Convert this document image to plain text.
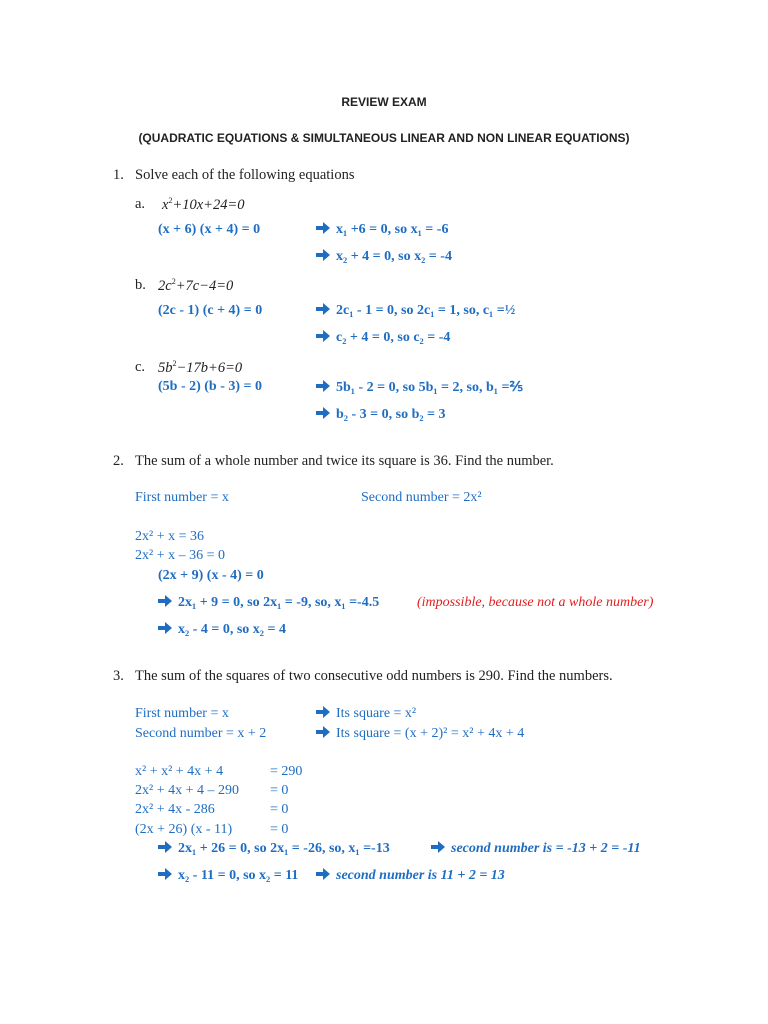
REVIEW EXAM
(QUADRATIC EQUATIONS & SIMULTANEOUS LINEAR AND NON LINEAR EQUATIONS)
1. Solve each of the following equations
a. $x^2+10x+24=0$
(x + 6) (x + 4) = 0	x₁ +6 = 0, so x₁ = -6
x₂ + 4 = 0, so x₂ = -4
b. $2c^2+7c-4=0$
(2c - 1) (c + 4) = 0	2c₁ - 1 = 0, so 2c₁ = 1, so, c₁ =½
c₂ + 4 = 0, so c₂ = -4
c. $5b^2-17b+6=0$
(5b - 2) (b - 3) = 0	5b₁ - 2 = 0, so 5b₁ = 2, so, b₁ =⅖
b₂ - 3 = 0, so b₂ = 3
2. The sum of a whole number and twice its square is 36. Find the number.
First number = x	Second number = 2x²
2x² + x = 36
2x² + x – 36 = 0
(2x + 9) (x - 4) = 0
2x₁ + 9 = 0, so 2x₁ = -9, so, x₁ =-4.5	(impossible, because not a whole number)
x₂ - 4 = 0, so x₂ = 4
3. The sum of the squares of two consecutive odd numbers is 290. Find the numbers.
First number = x	Its square = x²
Second number = x + 2	Its square = (x + 2)² = x² + 4x + 4
x² + x² + 4x + 4	= 290
2x² + 4x + 4 – 290 = 0
2x² + 4x - 286	= 0
(2x + 26) (x - 11)	= 0
2x₁ + 26 = 0, so 2x₁ = -26, so, x₁ =-13	second number is = -13 + 2 = -11
x₂ - 11 = 0, so x₂ = 11	second number is 11 + 2 = 13
